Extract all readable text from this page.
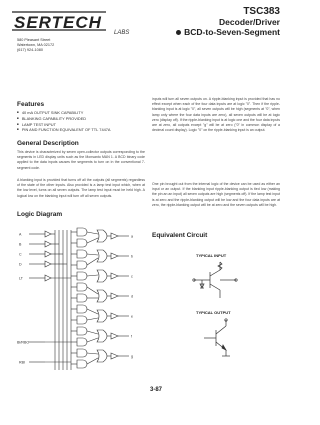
SERTECH
LABS
580 Pleasant Street
Watertown, MA 02172
(617) 924-1080
TSC383
Decoder/Driver
BCD-to-Seven-Segment
Features
■ 40 mA OUTPUT SINK CAPABILITY
■ BLANKING CAPABILITY PROVIDED
■ LAMP TEST INPUT
■ PIN AND FUNCTION EQUIVALENT OF TTL 7447A
General Description
This device is characterized by seven open-collector outputs corresponding to the segments in LED display units such as the Monsanto MAN 1. A BCD binary code applied to the data inputs causes the segments to turn on in the conventional 7-segment code.
A blanking input is provided that turns off all the outputs (all segments) regardless of the state of the other inputs. Also provided is a lamp test input which, when at the low level, turns on all seven outputs. The lamp test input must be held high. A logical low on the blanking input will turn off all seven outputs.
inputs will turn all seven outputs on. A ripple-blanking input is provided that has no effect except when each of the four data inputs are at logic "0". Then if the ripple-blanking input is at logic "0", all seven outputs will be high (segments at "0", when lamp only where the four data inputs are zero), all seven outputs will be at logic zero (display off). If the ripple-blanking input is at logic one and the four data inputs are at zero, all outputs except "g" will be at zero ("0" in common display of a decimal count display). Logic "0" on the ripple-blanking input is an output.
One pin brought out from the internal logic of the device can be used as either an input or an output. If the blanking input ripple-blanking output is tied low (making the pin an an input) all seven outputs are high (segments off). If the lamp test input is at zero and the ripple-blanking output will be low and the four data inputs are at zero, the ripple-blanking output will be at zero and the seven outputs will be high.
Logic Diagram
A
B
C
D
LT
BI/RBO
RBI
a
b
c
d
e
f
g
Equivalent Circuit
TYPICAL INPUT
TYPICAL OUTPUT
3-87
